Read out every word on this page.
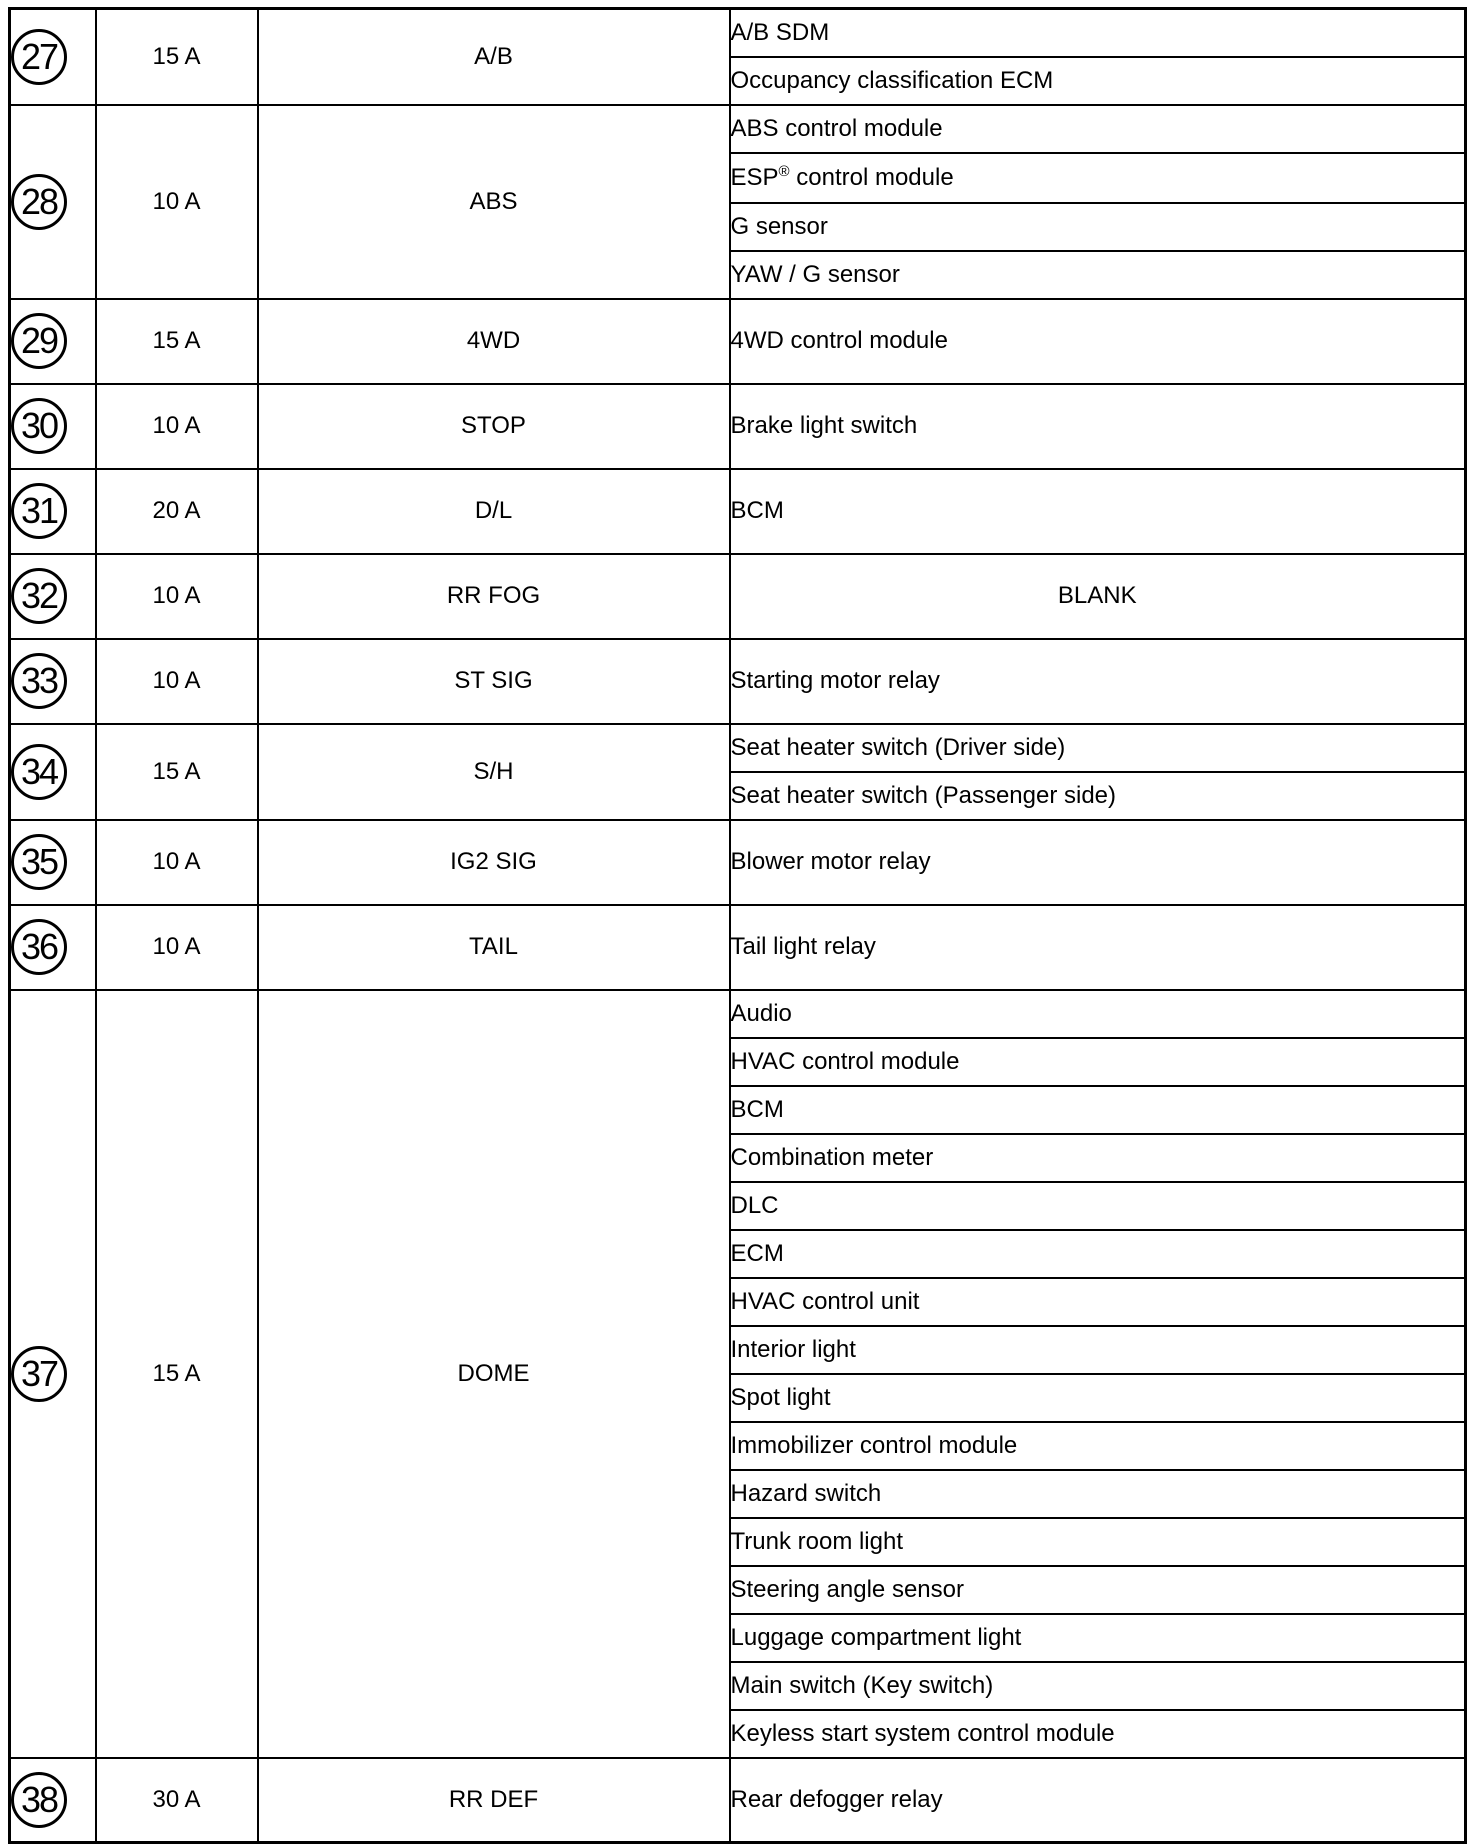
27	15 A	A/B	A/B SDM
			Occupancy classification ECM
28	10 A	ABS	ABS control module
			ESP® control module
			G sensor
			YAW / G sensor
29	15 A	4WD	4WD control module
30	10 A	STOP	Brake light switch
31	20 A	D/L	BCM
32	10 A	RR FOG	BLANK
33	10 A	ST SIG	Starting motor relay
34	15 A	S/H	Seat heater switch (Driver side)
			Seat heater switch (Passenger side)
35	10 A	IG2 SIG	Blower motor relay
36	10 A	TAIL	Tail light relay
37	15 A	DOME	Audio
			HVAC control module
			BCM
			Combination meter
			DLC
			ECM
			HVAC control unit
			Interior light
			Spot light
			Immobilizer control module
			Hazard switch
			Trunk room light
			Steering angle sensor
			Luggage compartment light
			Main switch (Key switch)
			Keyless start system control module
38	30 A	RR DEF	Rear defogger relay
